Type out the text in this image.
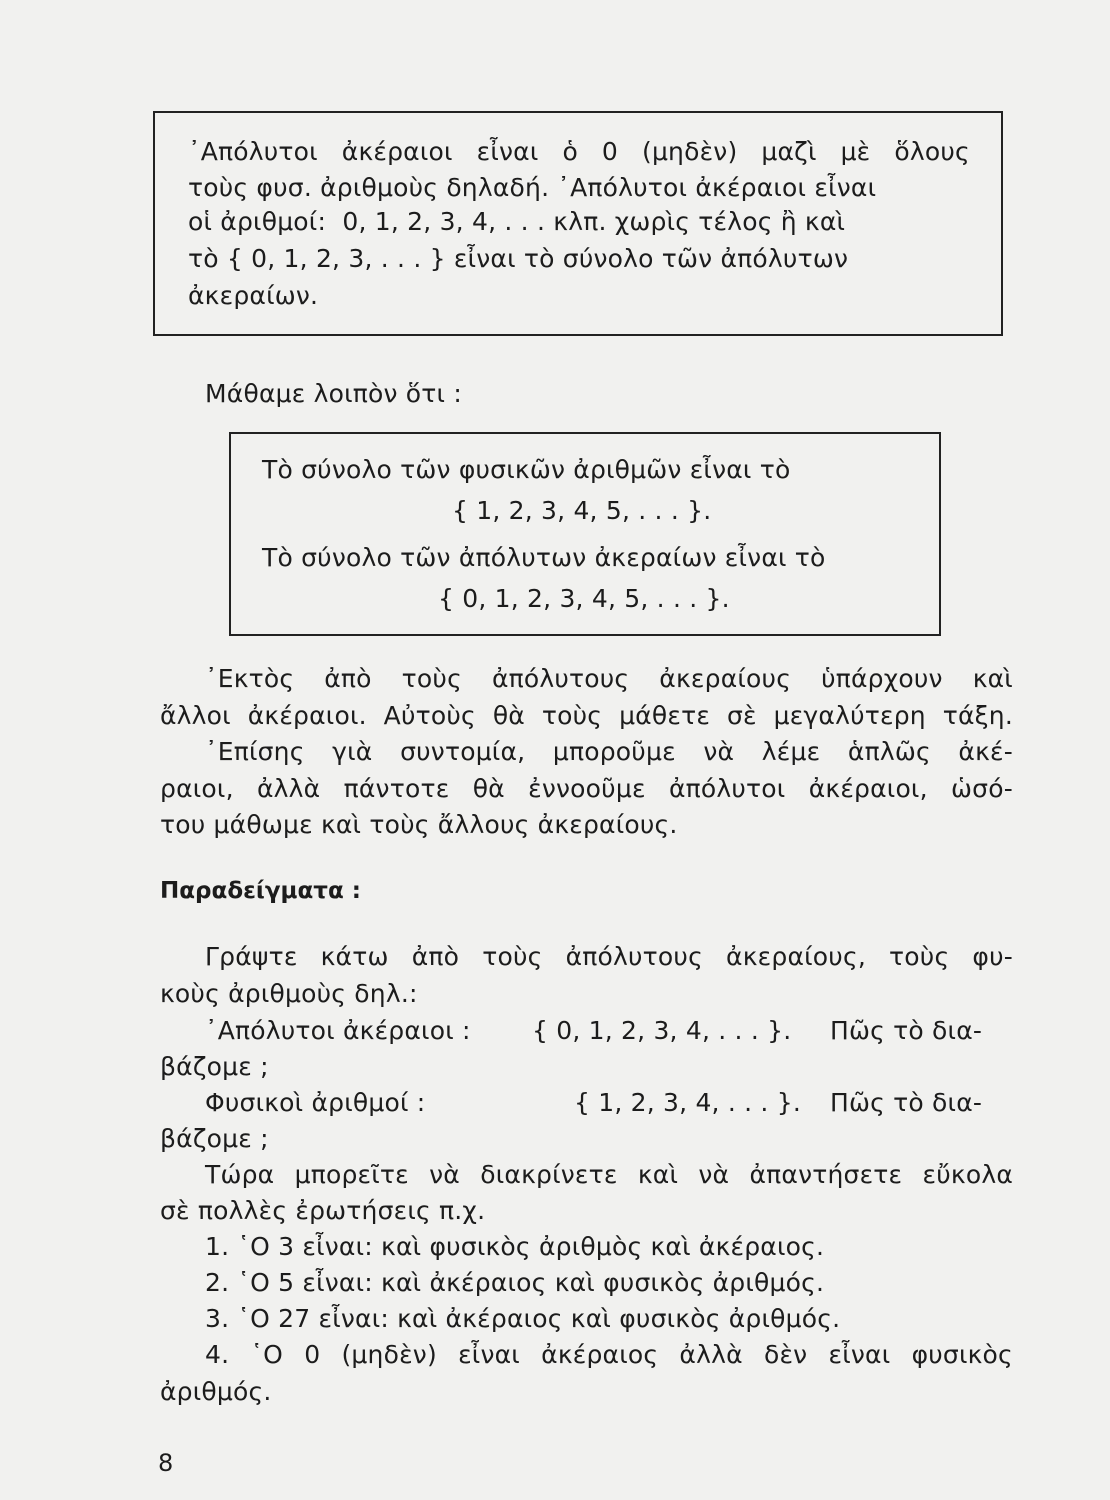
᾽Απόλυτοι ἀκέραιοι εἶναι ὁ 0 (μηδὲν) μαζὶ μὲ ὅλους
τοὺς φυσ. ἀριθμοὺς δηλαδή. ᾽Απόλυτοι ἀκέραιοι εἶναι
οἱ ἀριθμοί:  0, 1, 2, 3, 4, . . . κλπ. χωρὶς τέλος ἢ καὶ
τὸ { 0, 1, 2, 3, . . . } εἶναι τὸ σύνολο τῶν ἀπόλυτων
ἀκεραίων.
Μάθαμε λοιπὸν ὅτι :
Τὸ σύνολο τῶν φυσικῶν ἀριθμῶν εἶναι τὸ
{ 1, 2, 3, 4, 5, . . . }.
Τὸ σύνολο τῶν ἀπόλυτων ἀκεραίων εἶναι τὸ
{ 0, 1, 2, 3, 4, 5, . . . }.
᾽Εκτὸς ἀπὸ τοὺς ἀπόλυτους ἀκεραίους ὑπάρχουν καὶ
ἄλλοι ἀκέραιοι. Αὐτοὺς θὰ τοὺς μάθετε σὲ μεγαλύτερη τάξη.
᾽Επίσης γιὰ συντομία, μποροῦμε νὰ λέμε ἁπλῶς ἀκέ-
ραιοι, ἀλλὰ πάντοτε θὰ ἐννοοῦμε ἀπόλυτοι ἀκέραιοι, ὡσό-
του μάθωμε καὶ τοὺς ἄλλους ἀκεραίους.
Παραδείγματα :
Γράψτε κάτω ἀπὸ τοὺς ἀπόλυτους ἀκεραίους, τοὺς φυ-
κοὺς ἀριθμοὺς δηλ.:
᾽Απόλυτοι ἀκέραιοι : { 0, 1, 2, 3, 4, . . . }. Πῶς τὸ δια-
βάζομε ;
Φυσικοὶ ἀριθμοί :	{ 1, 2, 3, 4, . . . }. Πῶς τὸ δια-
βάζομε ;
Τώρα μπορεῖτε νὰ διακρίνετε καὶ νὰ ἀπαντήσετε εὔκολα
σὲ πολλὲς ἐρωτήσεις π.χ.
1. ῾Ο 3 εἶναι: καὶ φυσικὸς ἀριθμὸς καὶ ἀκέραιος.
2. ῾Ο 5 εἶναι: καὶ ἀκέραιος καὶ φυσικὸς ἀριθμός.
3. ῾Ο 27 εἶναι: καὶ ἀκέραιος καὶ φυσικὸς ἀριθμός.
4. ῾Ο 0 (μηδὲν) εἶναι ἀκέραιος ἀλλὰ δὲν εἶναι φυσικὸς
ἀριθμός.
8
